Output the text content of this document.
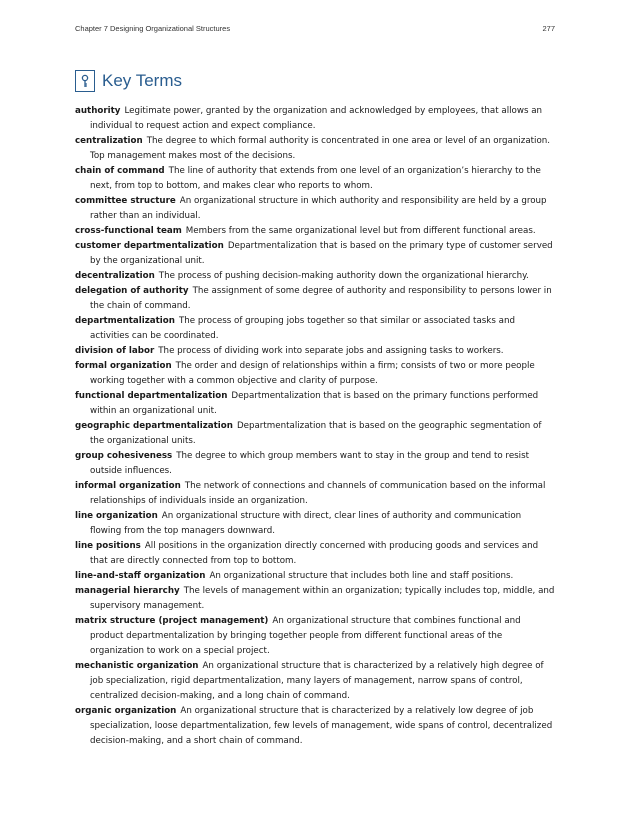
Chapter 7 Designing Organizational Structures	277
Key Terms
authority Legitimate power, granted by the organization and acknowledged by employees, that allows an individual to request action and expect compliance.
centralization The degree to which formal authority is concentrated in one area or level of an organization. Top management makes most of the decisions.
chain of command The line of authority that extends from one level of an organization’s hierarchy to the next, from top to bottom, and makes clear who reports to whom.
committee structure An organizational structure in which authority and responsibility are held by a group rather than an individual.
cross-functional team Members from the same organizational level but from different functional areas.
customer departmentalization Departmentalization that is based on the primary type of customer served by the organizational unit.
decentralization The process of pushing decision-making authority down the organizational hierarchy.
delegation of authority The assignment of some degree of authority and responsibility to persons lower in the chain of command.
departmentalization The process of grouping jobs together so that similar or associated tasks and activities can be coordinated.
division of labor The process of dividing work into separate jobs and assigning tasks to workers.
formal organization The order and design of relationships within a firm; consists of two or more people working together with a common objective and clarity of purpose.
functional departmentalization Departmentalization that is based on the primary functions performed within an organizational unit.
geographic departmentalization Departmentalization that is based on the geographic segmentation of the organizational units.
group cohesiveness The degree to which group members want to stay in the group and tend to resist outside influences.
informal organization The network of connections and channels of communication based on the informal relationships of individuals inside an organization.
line organization An organizational structure with direct, clear lines of authority and communication flowing from the top managers downward.
line positions All positions in the organization directly concerned with producing goods and services and that are directly connected from top to bottom.
line-and-staff organization An organizational structure that includes both line and staff positions.
managerial hierarchy The levels of management within an organization; typically includes top, middle, and supervisory management.
matrix structure (project management) An organizational structure that combines functional and product departmentalization by bringing together people from different functional areas of the organization to work on a special project.
mechanistic organization An organizational structure that is characterized by a relatively high degree of job specialization, rigid departmentalization, many layers of management, narrow spans of control, centralized decision-making, and a long chain of command.
organic organization An organizational structure that is characterized by a relatively low degree of job specialization, loose departmentalization, few levels of management, wide spans of control, decentralized decision-making, and a short chain of command.
